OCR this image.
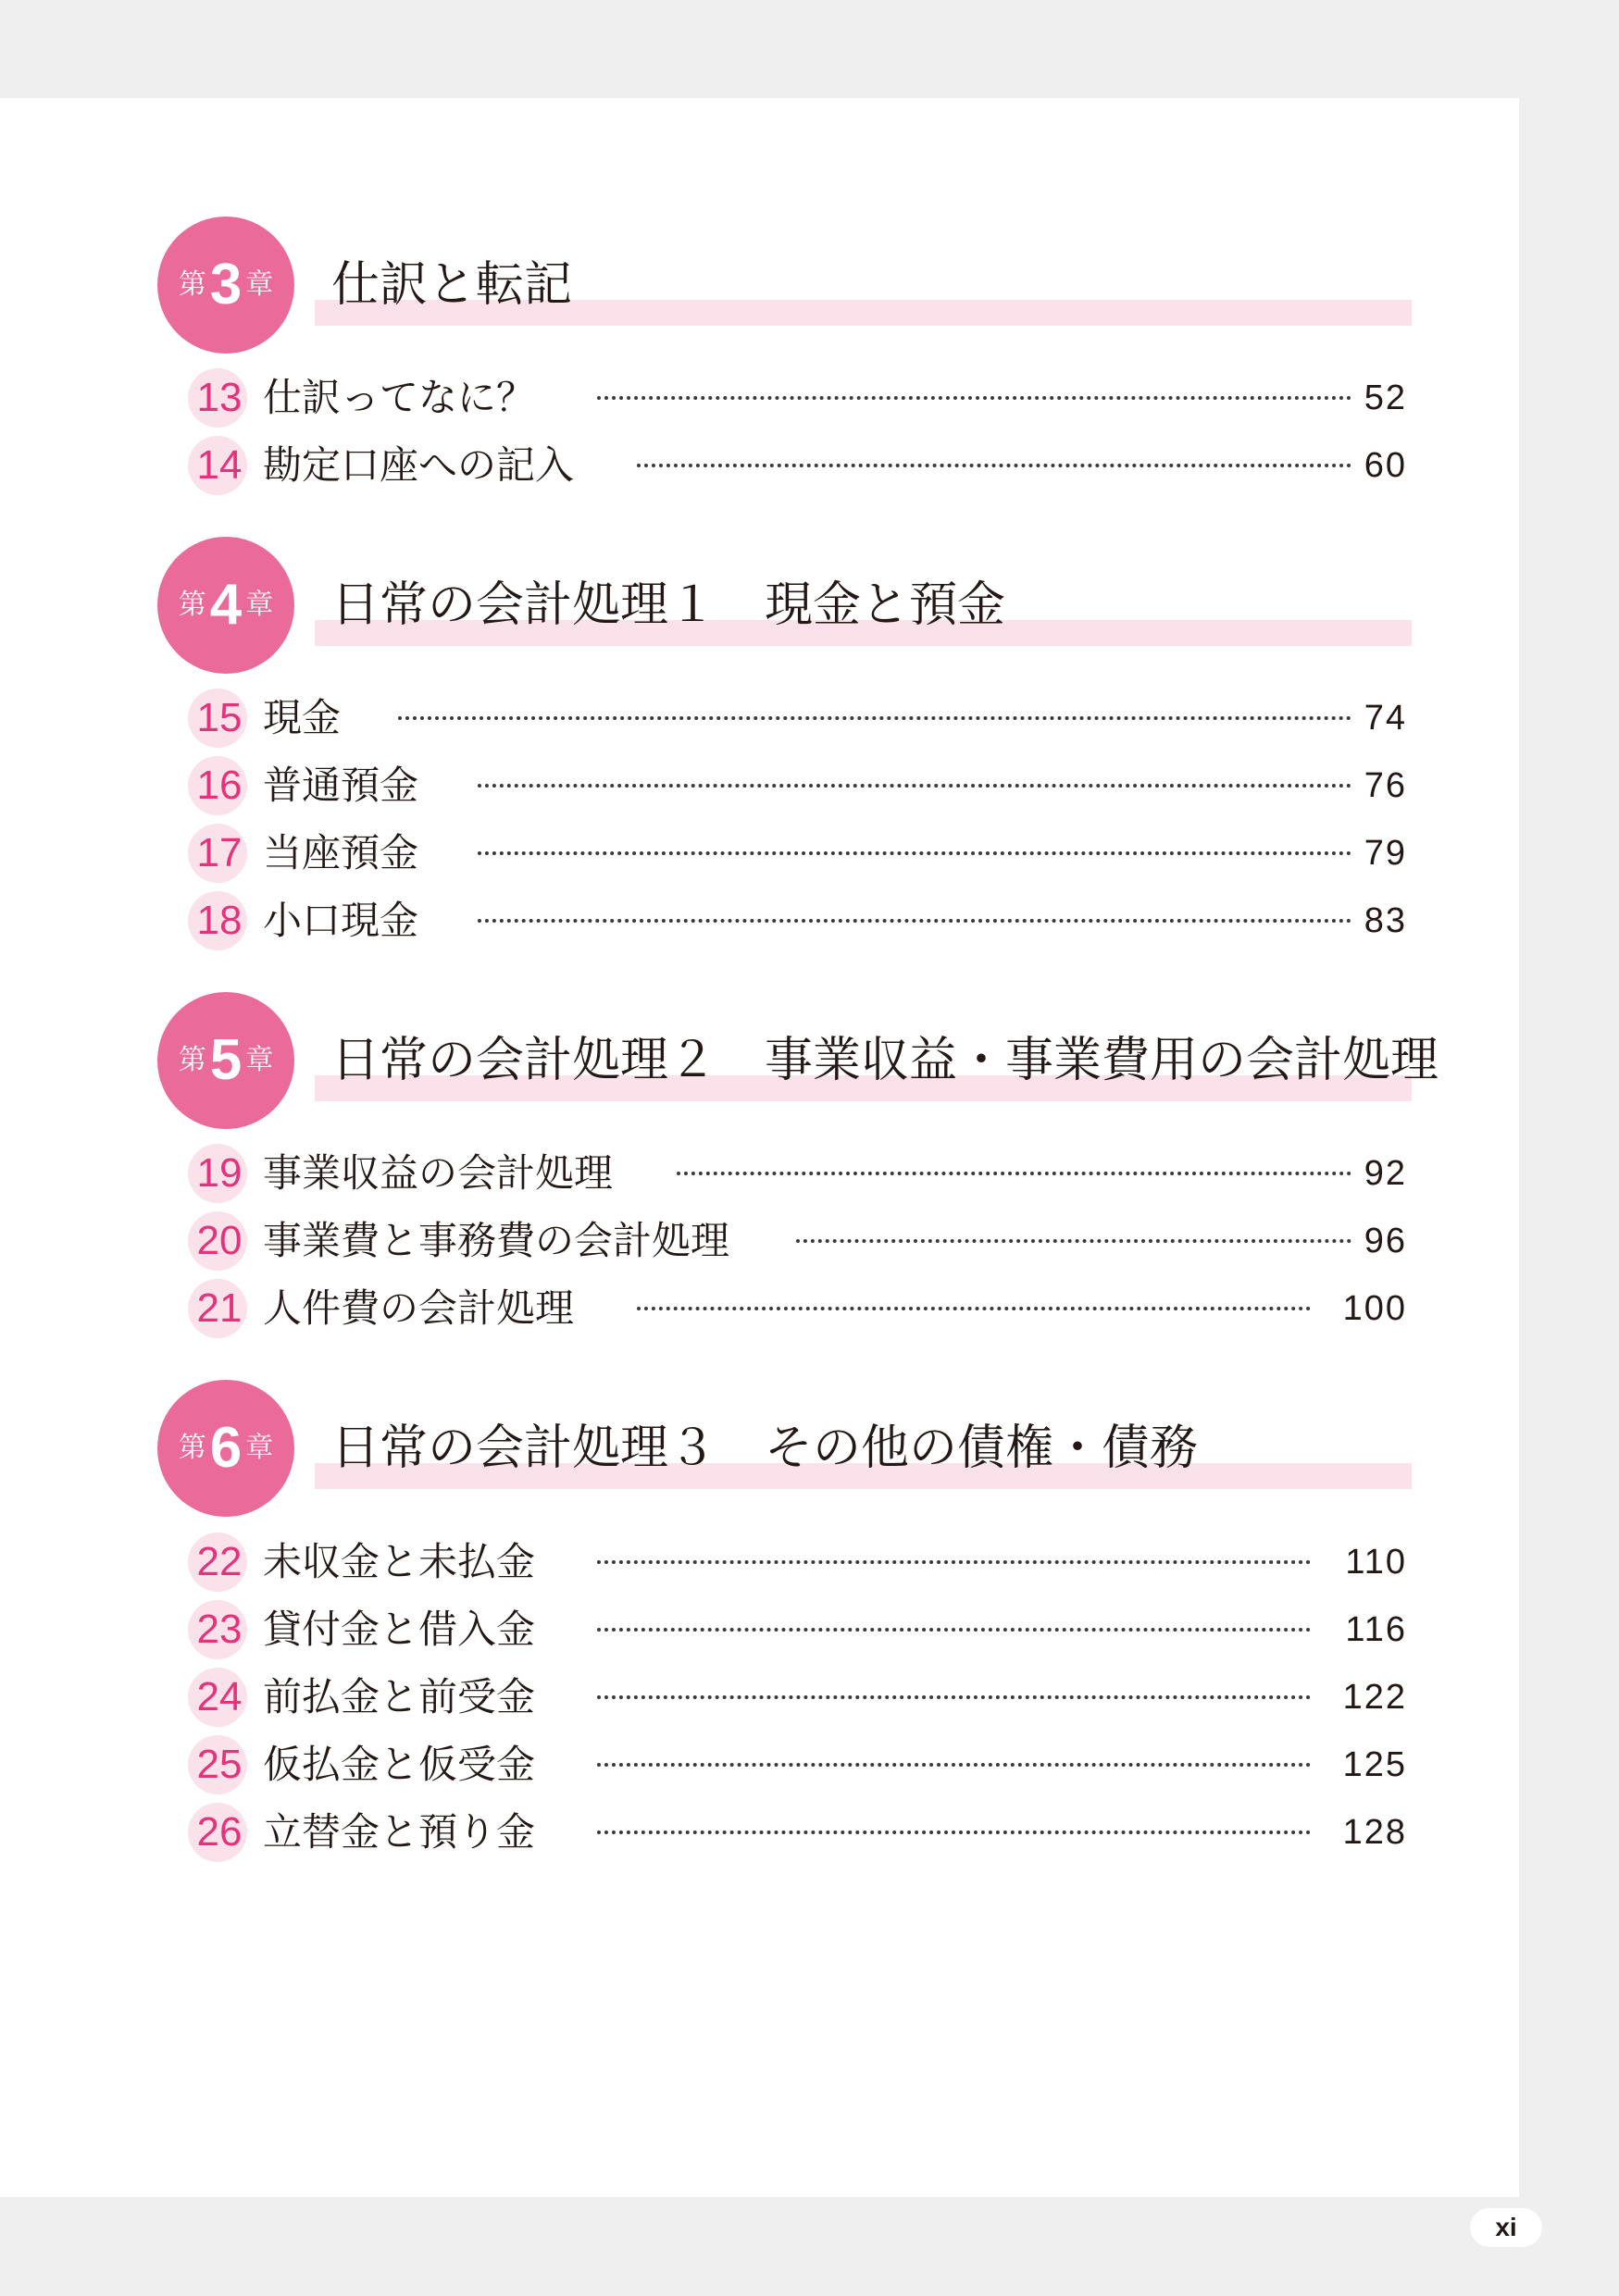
第 3 章 仕訳と転記
13 仕訳ってなに？	52
14 勘定口座への記入	60
第 4 章 日常の会計処理１　現金と預金
15 現金	74
16 普通預金	76
17 当座預金	79
18 小口現金	83
第 5 章 日常の会計処理２　事業収益・事業費用の会計処理
19 事業収益の会計処理	92
20 事業費と事務費の会計処理	96
21 人件費の会計処理	100
第 6 章 日常の会計処理３　その他の債権・債務
22 未収金と未払金	110
23 貸付金と借入金	116
24 前払金と前受金	122
25 仮払金と仮受金	125
26 立替金と預り金	128
xi
